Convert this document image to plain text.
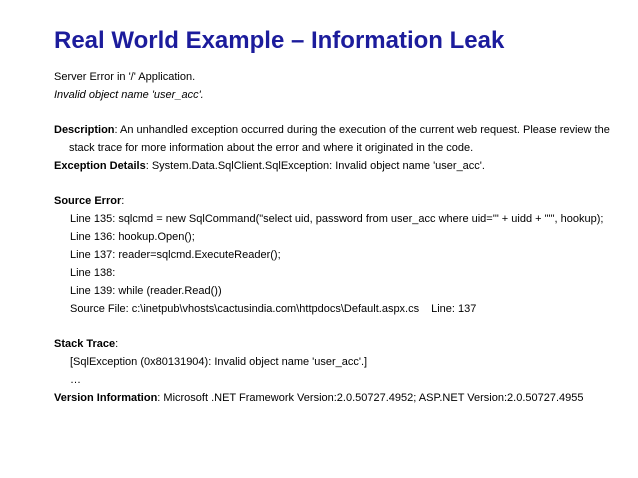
Real World Example – Information Leak
Server Error in '/' Application.
Invalid object name 'user_acc'.
Description: An unhandled exception occurred during the execution of the current web request. Please review the stack trace for more information about the error and where it originated in the code.
Exception Details: System.Data.SqlClient.SqlException: Invalid object name 'user_acc'.
Source Error:
Line 135: sqlcmd = new SqlCommand("select uid, password from user_acc where uid='" + uidd + "'", hookup);
Line 136: hookup.Open();
Line 137: reader=sqlcmd.ExecuteReader();
Line 138:
Line 139: while (reader.Read())
Source File: c:\inetpub\vhosts\cactusindia.com\httpdocs\Default.aspx.cs Line: 137
Stack Trace:
[SqlException (0x80131904): Invalid object name 'user_acc'.]
…
Version Information: Microsoft .NET Framework Version:2.0.50727.4952; ASP.NET Version:2.0.50727.4955
